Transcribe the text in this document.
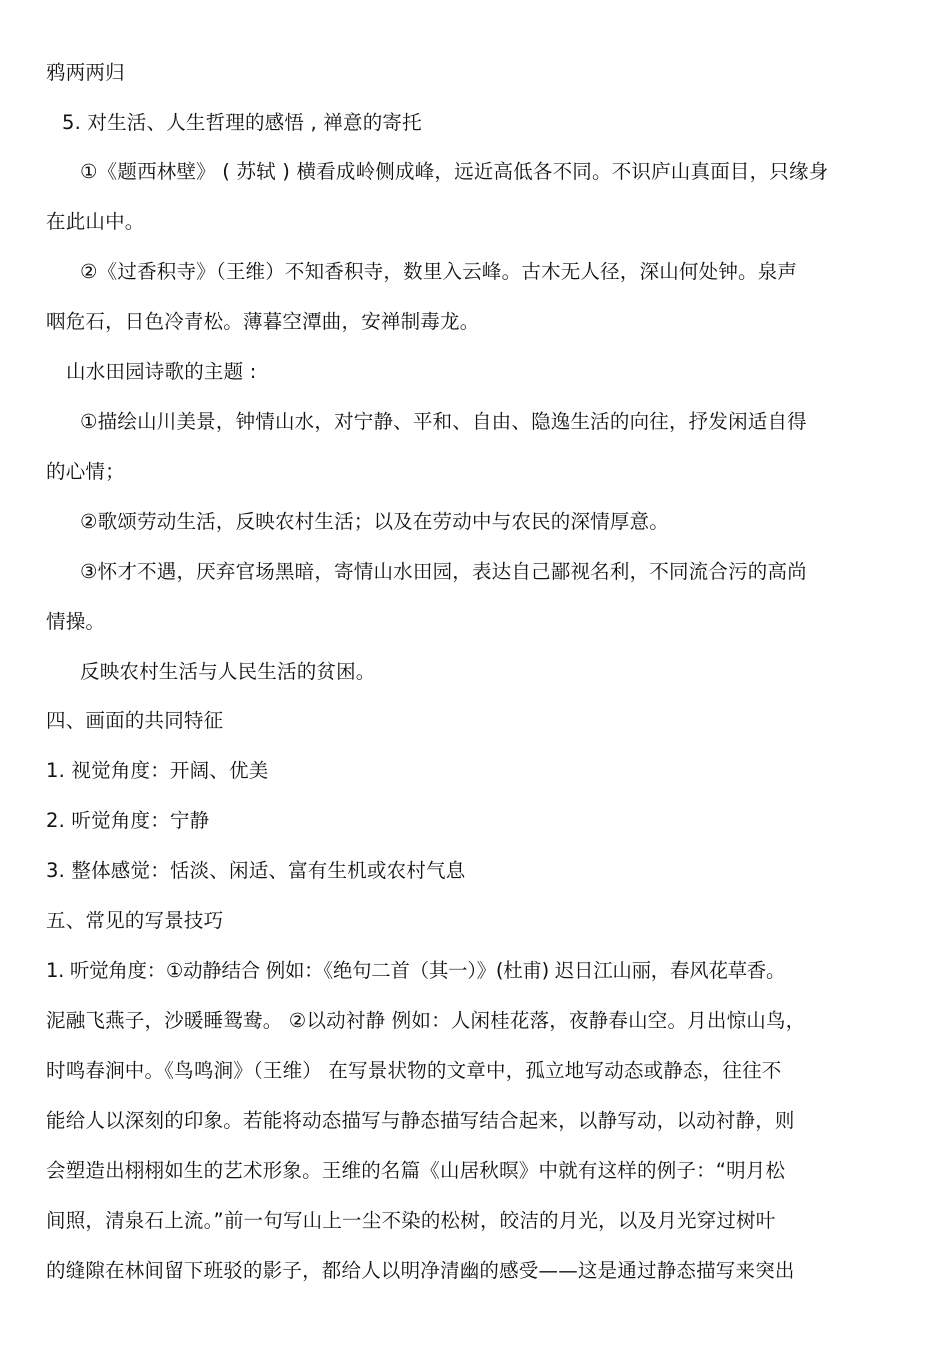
鸦两两归
5. 对生活、人生哲理的感悟 , 禅意的寄托
①《题西林壁》 ( 苏轼 ) 横看成岭侧成峰，远近高低各不同。不识庐山真面目，只缘身
在此山中。
②《过香积寺》（王维）不知香积寺，数里入云峰。古木无人径，深山何处钟。泉声
咽危石，日色冷青松。薄暮空潭曲，安禅制毒龙。
山水田园诗歌的主题 :
①描绘山川美景，钟情山水，对宁静、平和、自由、隐逸生活的向往，抒发闲适自得
的心情；
②歌颂劳动生活，反映农村生活；以及在劳动中与农民的深情厚意。
③怀才不遇，厌弃官场黑暗，寄情山水田园，表达自己鄙视名利，不同流合污的高尚
情操。
反映农村生活与人民生活的贫困。
四、画面的共同特征
1. 视觉角度：开阔、优美
2. 听觉角度：宁静
3. 整体感觉：恬淡、闲适、富有生机或农村气息
五、常见的写景技巧
1. 听觉角度：①动静结合 例如：《绝句二首（其一）》(杜甫) 迟日江山丽，春风花草香。
泥融飞燕子，沙暖睡鸳鸯。 ②以动衬静 例如：人闲桂花落，夜静春山空。月出惊山鸟，
时鸣春涧中。《鸟鸣涧》（王维） 在写景状物的文章中，孤立地写动态或静态，往往不
能给人以深刻的印象。若能将动态描写与静态描写结合起来，以静写动，以动衬静，则
会塑造出栩栩如生的艺术形象。王维的名篇《山居秋暝》中就有这样的例子：“明月松
间照，清泉石上流。”前一句写山上一尘不染的松树，皎洁的月光，以及月光穿过树叶
的缝隙在林间留下班驳的影子，都给人以明净清幽的感受——这是通过静态描写来突出
